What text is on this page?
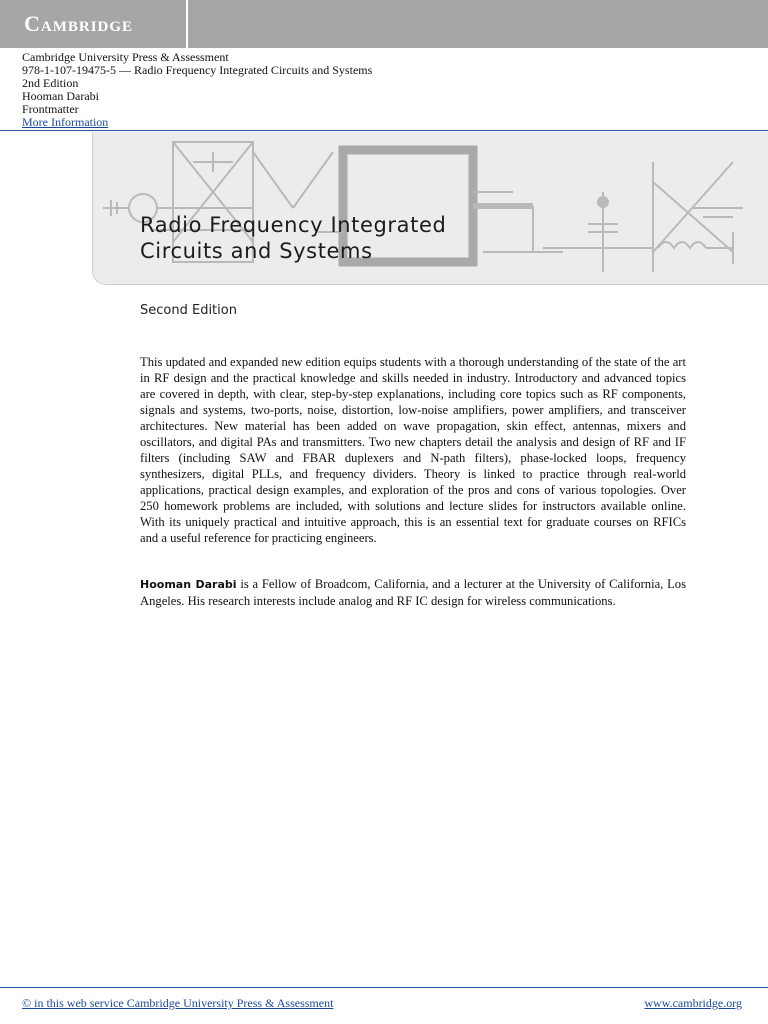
Cambridge
Cambridge University Press & Assessment
978-1-107-19475-5 — Radio Frequency Integrated Circuits and Systems
2nd Edition
Hooman Darabi
Frontmatter
More Information
Radio Frequency Integrated
Circuits and Systems
Second Edition
This updated and expanded new edition equips students with a thorough understanding of the state of the art in RF design and the practical knowledge and skills needed in industry. Introductory and advanced topics are covered in depth, with clear, step-by-step explanations, including core topics such as RF components, signals and systems, two-ports, noise, distortion, low-noise amplifiers, power amplifiers, and transceiver architectures. New material has been added on wave propagation, skin effect, antennas, mixers and oscillators, and digital PAs and transmitters. Two new chapters detail the analysis and design of RF and IF filters (including SAW and FBAR duplexers and N-path filters), phase-locked loops, frequency synthesizers, digital PLLs, and frequency dividers. Theory is linked to practice through real-world applications, practical design examples, and exploration of the pros and cons of various topologies. Over 250 homework problems are included, with solutions and lecture slides for instructors available online. With its uniquely practical and intuitive approach, this is an essential text for graduate courses on RFICs and a useful reference for practicing engineers.
Hooman Darabi is a Fellow of Broadcom, California, and a lecturer at the University of California, Los Angeles. His research interests include analog and RF IC design for wireless communications.
© in this web service Cambridge University Press & Assessment	www.cambridge.org
